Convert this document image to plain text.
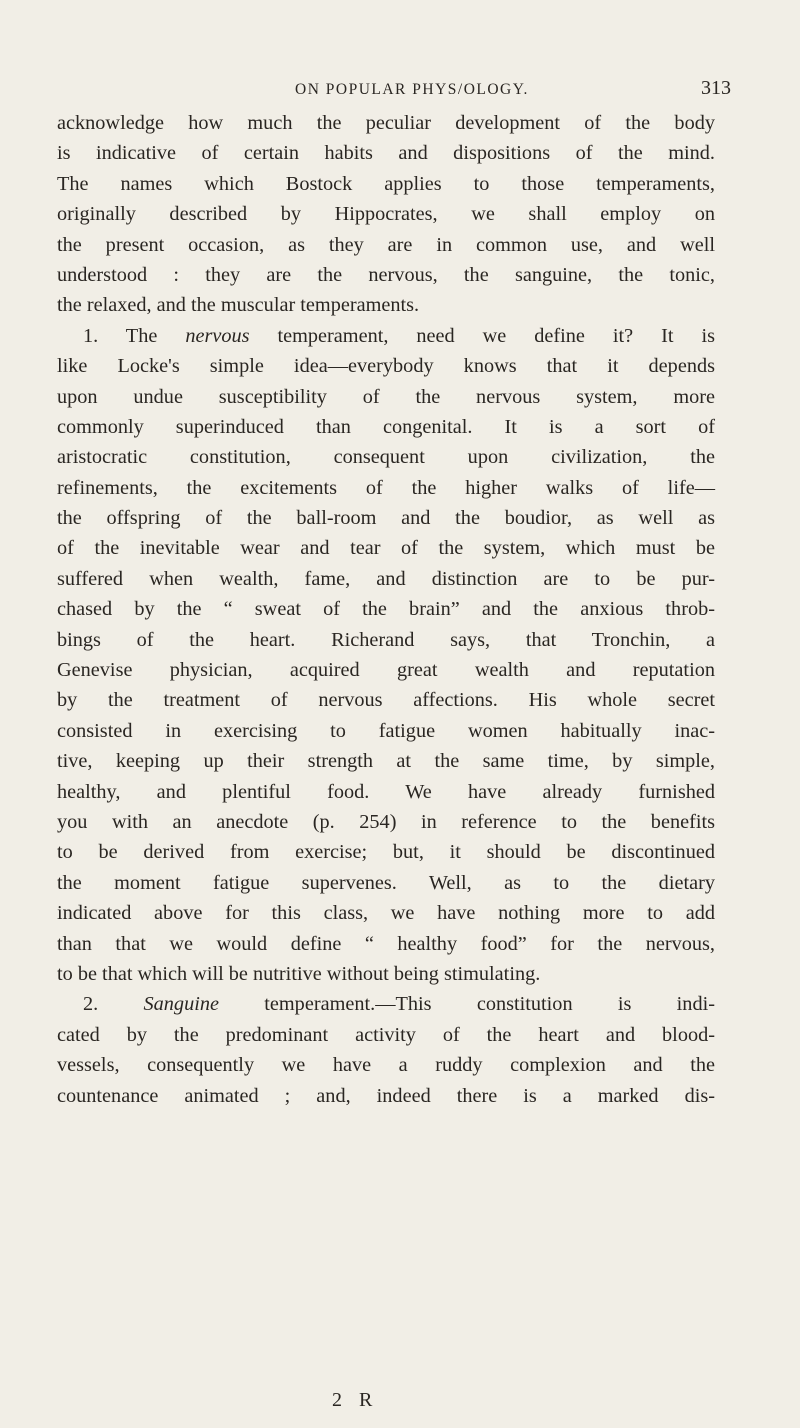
ON POPULAR PHYS/OLOGY.	313
acknowledge how much the peculiar development of the body
is indicative of certain habits and dispositions of the mind.
The names which Bostock applies to those temperaments,
originally described by Hippocrates, we shall employ on
the present occasion, as they are in common use, and well
understood : they are the nervous, the sanguine, the tonic,
the relaxed, and the muscular temperaments.
1. The nervous temperament, need we define it? It is
like Locke's simple idea—everybody knows that it depends
upon undue susceptibility of the nervous system, more
commonly superinduced than congenital. It is a sort of
aristocratic constitution, consequent upon civilization, the
refinements, the excitements of the higher walks of life—
the offspring of the ball-room and the boudior, as well as
of the inevitable wear and tear of the system, which must be
suffered when wealth, fame, and distinction are to be pur-
chased by the “ sweat of the brain” and the anxious throb-
bings of the heart. Richerand says, that Tronchin, a
Genevise physician, acquired great wealth and reputation
by the treatment of nervous affections. His whole secret
consisted in exercising to fatigue women habitually inac-
tive, keeping up their strength at the same time, by simple,
healthy, and plentiful food. We have already furnished
you with an anecdote (p. 254) in reference to the benefits
to be derived from exercise; but, it should be discontinued
the moment fatigue supervenes. Well, as to the dietary
indicated above for this class, we have nothing more to add
than that we would define “ healthy food” for the nervous,
to be that which will be nutritive without being stimulating.
2. Sanguine temperament.—This constitution is indi-
cated by the predominant activity of the heart and blood-
vessels, consequently we have a ruddy complexion and the
countenance animated ; and, indeed there is a marked dis-
2 R
